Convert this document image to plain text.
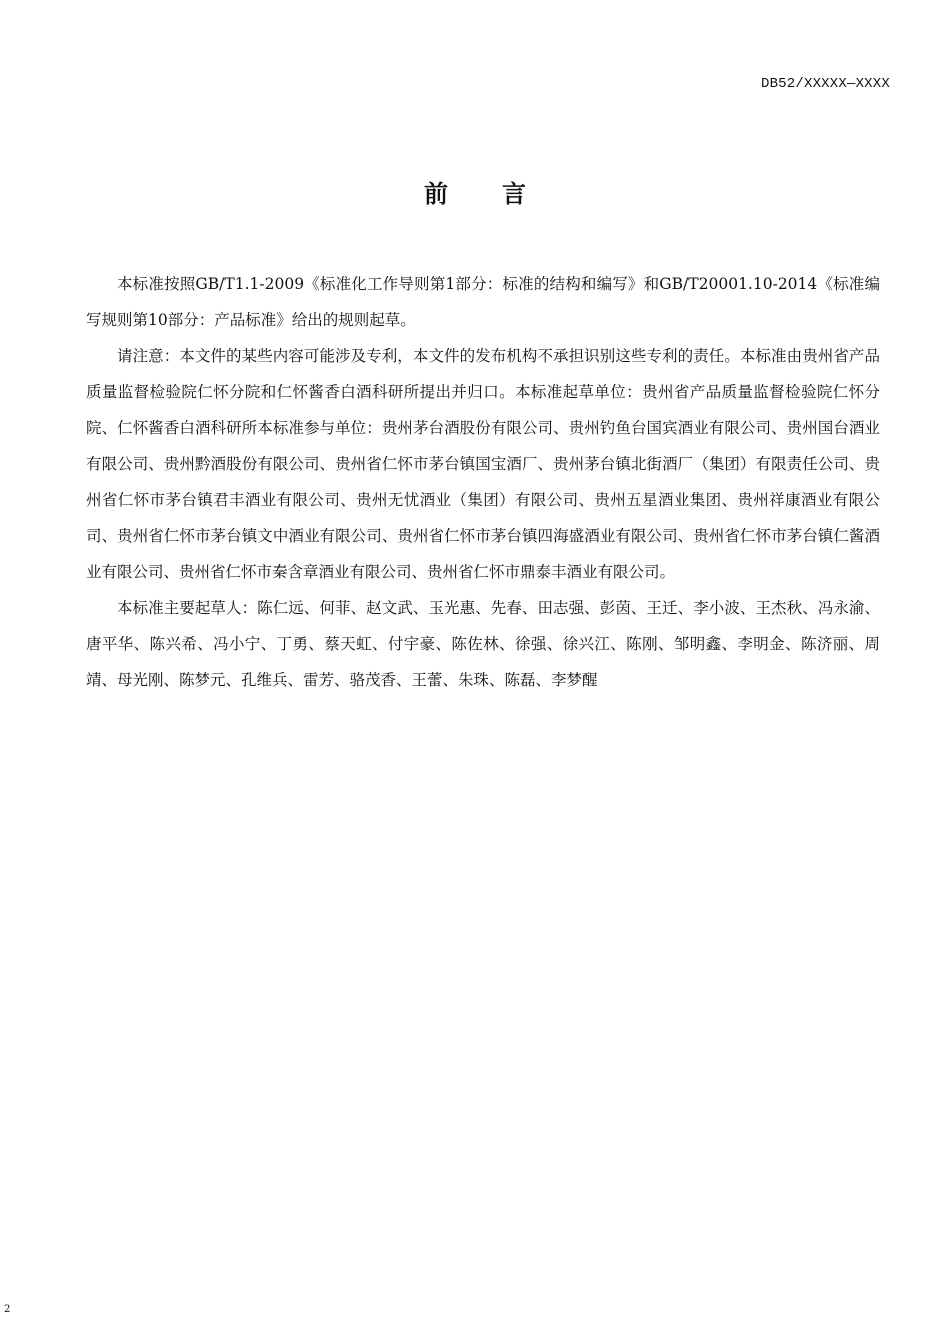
DB52/XXXXX—XXXX
前言

本标准按照GB/T1.1-2009《标准化工作导则第1部分：标准的结构和编写》和GB/T20001.10-2014《标准编写规则第10部分：产品标准》给出的规则起草。

请注意：本文件的某些内容可能涉及专利，本文件的发布机构不承担识别这些专利的责任。本标准由贵州省产品质量监督检验院仁怀分院和仁怀酱香白酒科研所提出并归口。本标准起草单位：贵州省产品质量监督检验院仁怀分院、仁怀酱香白酒科研所本标准参与单位：贵州茅台酒股份有限公司、贵州钓鱼台国宾酒业有限公司、贵州国台酒业有限公司、贵州黔酒股份有限公司、贵州省仁怀市茅台镇国宝酒厂、贵州茅台镇北街酒厂（集团）有限责任公司、贵州省仁怀市茅台镇君丰酒业有限公司、贵州无忧酒业（集团）有限公司、贵州五星酒业集团、贵州祥康酒业有限公司、贵州省仁怀市茅台镇文中酒业有限公司、贵州省仁怀市茅台镇四海盛酒业有限公司、贵州省仁怀市茅台镇仁酱酒业有限公司、贵州省仁怀市秦含章酒业有限公司、贵州省仁怀市鼎泰丰酒业有限公司。

本标准主要起草人：陈仁远、何菲、赵文武、玉光惠、先春、田志强、彭茵、王迁、李小波、王杰秋、冯永渝、唐平华、陈兴希、冯小宁、丁勇、蔡天虹、付宇豪、陈佐林、徐强、徐兴江、陈刚、邹明鑫、李明金、陈济丽、周靖、母光刚、陈梦元、孔维兵、雷芳、骆茂香、王蕾、朱珠、陈磊、李梦醒

2
